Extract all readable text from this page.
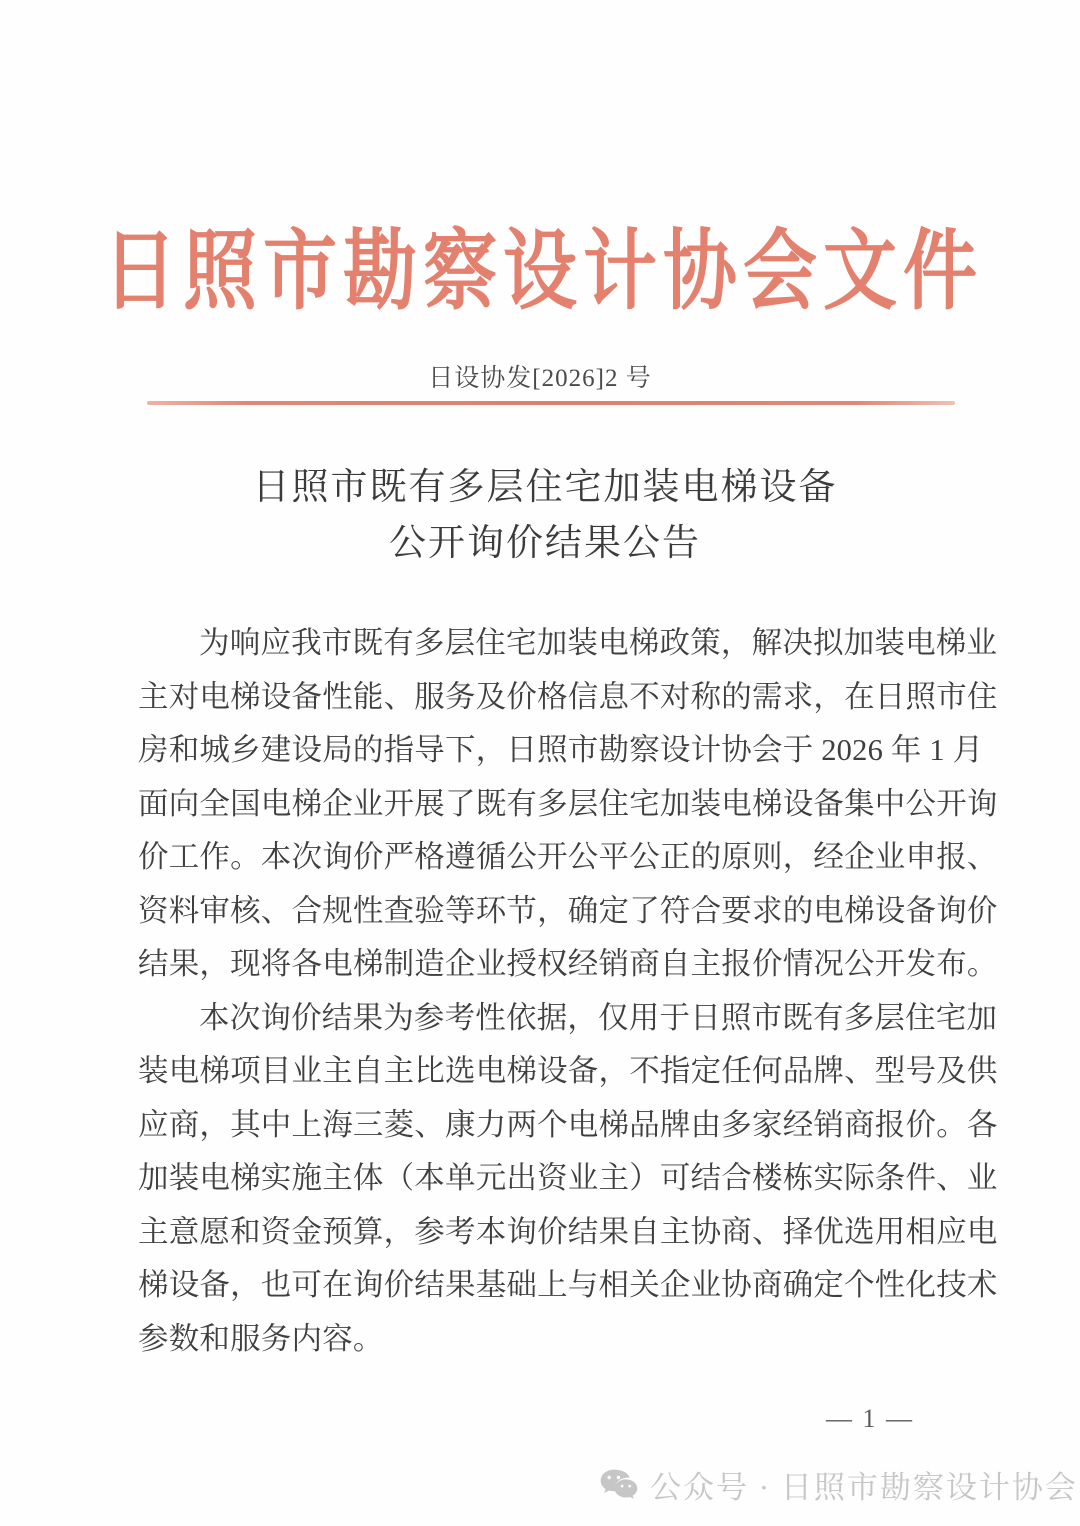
日照市勘察设计协会文件
日设协发[2026]2 号
日照市既有多层住宅加装电梯设备
公开询价结果公告

为响应我市既有多层住宅加装电梯政策，解决拟加装电梯业
主对电梯设备性能、服务及价格信息不对称的需求，在日照市住
房和城乡建设局的指导下，日照市勘察设计协会于 2026 年 1 月
面向全国电梯企业开展了既有多层住宅加装电梯设备集中公开询
价工作。本次询价严格遵循公开公平公正的原则，经企业申报、
资料审核、合规性查验等环节，确定了符合要求的电梯设备询价
结果，现将各电梯制造企业授权经销商自主报价情况公开发布。

本次询价结果为参考性依据，仅用于日照市既有多层住宅加
装电梯项目业主自主比选电梯设备，不指定任何品牌、型号及供
应商，其中上海三菱、康力两个电梯品牌由多家经销商报价。各
加装电梯实施主体（本单元出资业主）可结合楼栋实际条件、业
主意愿和资金预算，参考本询价结果自主协商、择优选用相应电
梯设备，也可在询价结果基础上与相关企业协商确定个性化技术
参数和服务内容。

— 1 —
公众号 · 日照市勘察设计协会
